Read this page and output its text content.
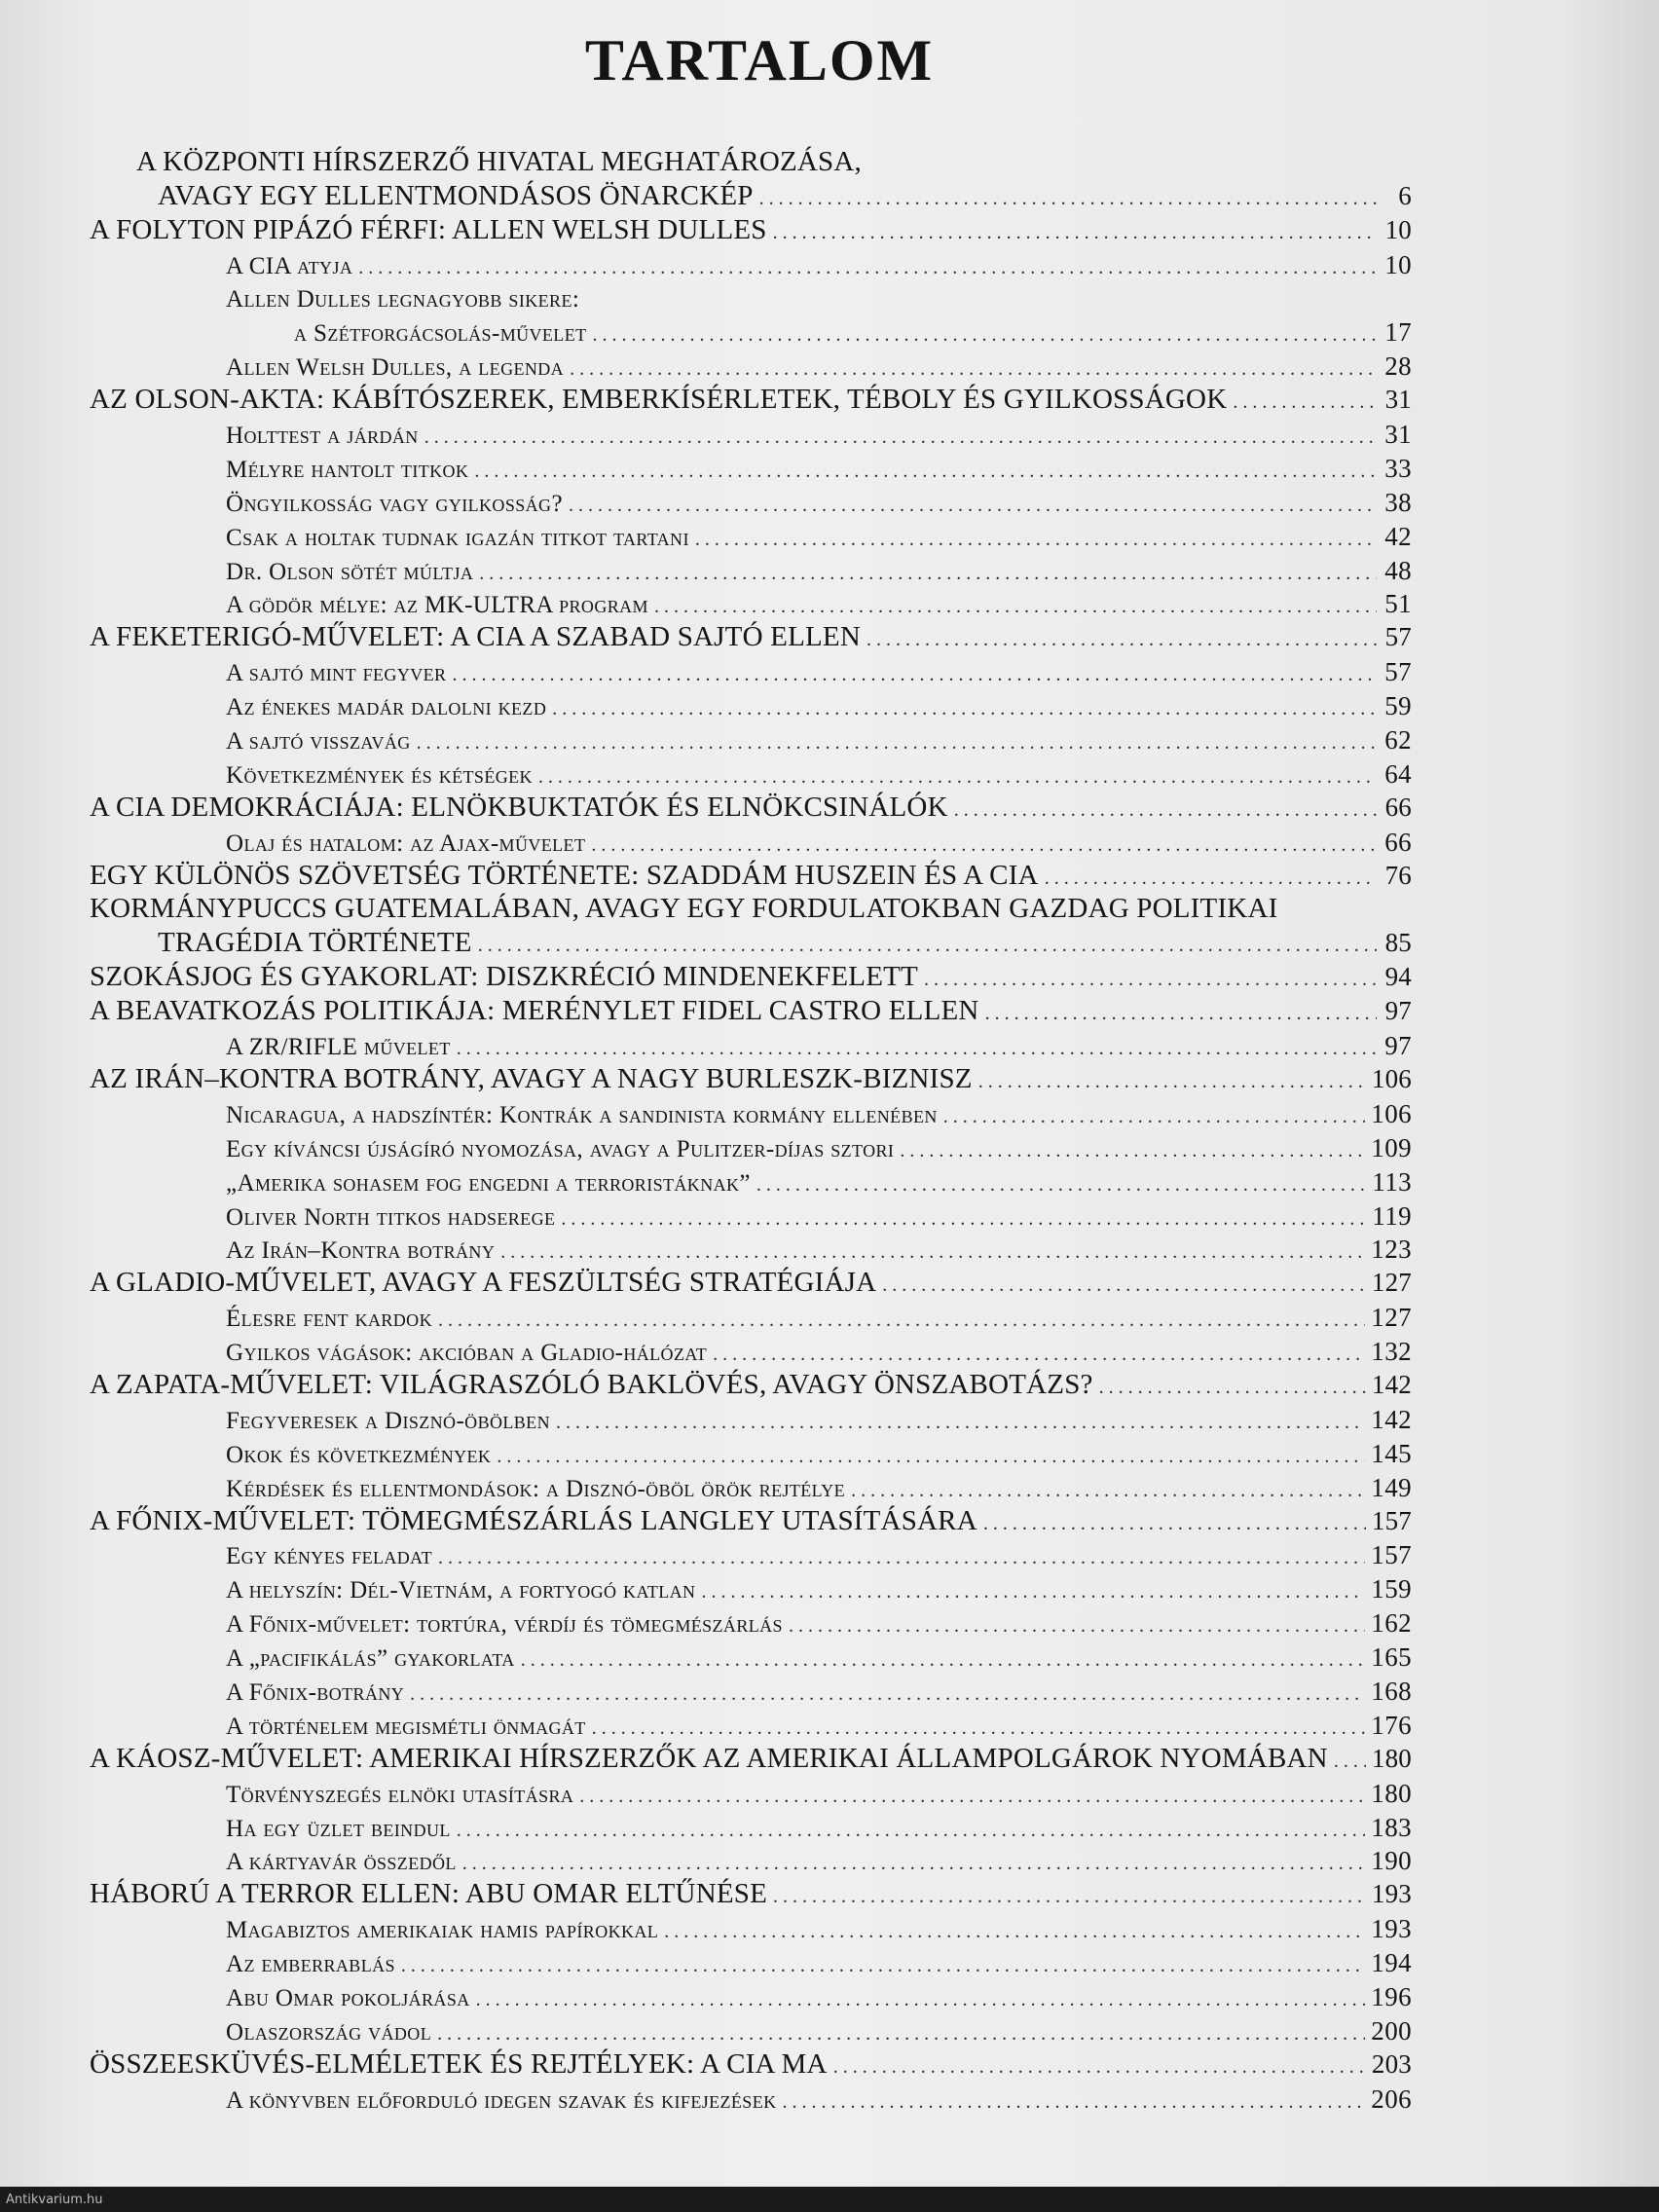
TARTALOM
A KÖZPONTI HÍRSZERZŐ HIVATAL MEGHATÁROZÁSA,
AVAGY EGY ELLENTMONDÁSOS ÖNARCKÉP . . .	6
A FOLYTON PIPÁZÓ FÉRFI: ALLEN WELSH DULLES . . .	10
A CIA atyja . . .	10
Allen Dulles legnagyobb sikere:
a Szétforgácsolás-művelet . . .	17
Allen Welsh Dulles, a legenda . . .	28
AZ OLSON-AKTA: KÁBÍTÓSZEREK, EMBERKÍSÉRLETEK, TÉBOLY ÉS GYILKOSSÁGOK . . .	31
Holttest a járdán . . .	31
Mélyre hantolt titkok . . .	33
Öngyilkosság vagy gyilkosság? . . .	38
Csak a holtak tudnak igazán titkot tartani . . .	42
Dr. Olson sötét múltja . . .	48
A gödör mélye: az MK-ULTRA program . . .	51
A FEKETERIGÓ-MŰVELET: A CIA A SZABAD SAJTÓ ELLEN . . .	57
A sajtó mint fegyver . . .	57
Az énekes madár dalolni kezd . . .	59
A sajtó visszavág . . .	62
Következmények és kétségek . . .	64
A CIA DEMOKRÁCIÁJA: ELNÖKBUKTATÓK ÉS ELNÖKCSINÁLÓK . . .	66
Olaj és hatalom: az Ajax-művelet . . .	66
EGY KÜLÖNÖS SZÖVETSÉG TÖRTÉNETE: SZADDÁM HUSZEIN ÉS A CIA . . .	76
KORMÁNYPUCCS GUATEMALÁBAN, AVAGY EGY FORDULATOKBAN GAZDAG POLITIKAI
TRAGÉDIA TÖRTÉNETE . . .	85
SZOKÁSJOG ÉS GYAKORLAT: DISZKRÉCIÓ MINDENEKFELETT . . .	94
A BEAVATKOZÁS POLITIKÁJA: MERÉNYLET FIDEL CASTRO ELLEN . . .	97
A ZR/RIFLE művelet . . .	97
AZ IRÁN–KONTRA BOTRÁNY, AVAGY A NAGY BURLESZK-BIZNISZ . . .	106
Nicaragua, a hadszíntér: Kontrák a sandinista kormány ellenében . . .	106
Egy kíváncsi újságíró nyomozása, avagy a Pulitzer-díjas sztori . . .	109
„Amerika sohasem fog engedni a terroristáknak” . . .	113
Oliver North titkos hadserege . . .	119
Az Irán–Kontra botrány . . .	123
A GLADIO-MŰVELET, AVAGY A FESZÜLTSÉG STRATÉGIÁJA . . .	127
Élesre fent kardok . . .	127
Gyilkos vágások: akcióban a Gladio-hálózat . . .	132
A ZAPATA-MŰVELET: VILÁGRASZÓLÓ BAKLÖVÉS, AVAGY ÖNSZABOTÁZS? . . .	142
Fegyveresek a Disznó-öbölben . . .	142
Okok és következmények . . .	145
Kérdések és ellentmondások: a Disznó-öböl örök rejtélye . . .	149
A FŐNIX-MŰVELET: TÖMEGMÉSZÁRLÁS LANGLEY UTASÍTÁSÁRA . . .	157
Egy kényes feladat . . .	157
A helyszín: Dél-Vietnám, a fortyogó katlan . . .	159
A Főnix-művelet: tortúra, vérdíj és tömegmészárlás . . .	162
A „pacifikálás” gyakorlata . . .	165
A Főnix-botrány . . .	168
A történelem megismétli önmagát . . .	176
A KÁOSZ-MŰVELET: AMERIKAI HÍRSZERZŐK AZ AMERIKAI ÁLLAMPOLGÁROK NYOMÁBAN . . . 180
Törvényszegés elnöki utasításra . . .	180
Ha egy üzlet beindul . . .	183
A kártyavár összedől . . .	190
HÁBORÚ A TERROR ELLEN: ABU OMAR ELTŰNÉSE . . .	193
Magabiztos amerikaiak hamis papírokkal . . .	193
Az emberrablás . . .	194
Abu Omar pokoljárása . . .	196
Olaszország vádol . . .	200
ÖSSZEESKÜVÉS-ELMÉLETEK ÉS REJTÉLYEK: A CIA MA . . .	203
A könyvben előforduló idegen szavak és kifejezések . . .	206
Antikvarium.hu
